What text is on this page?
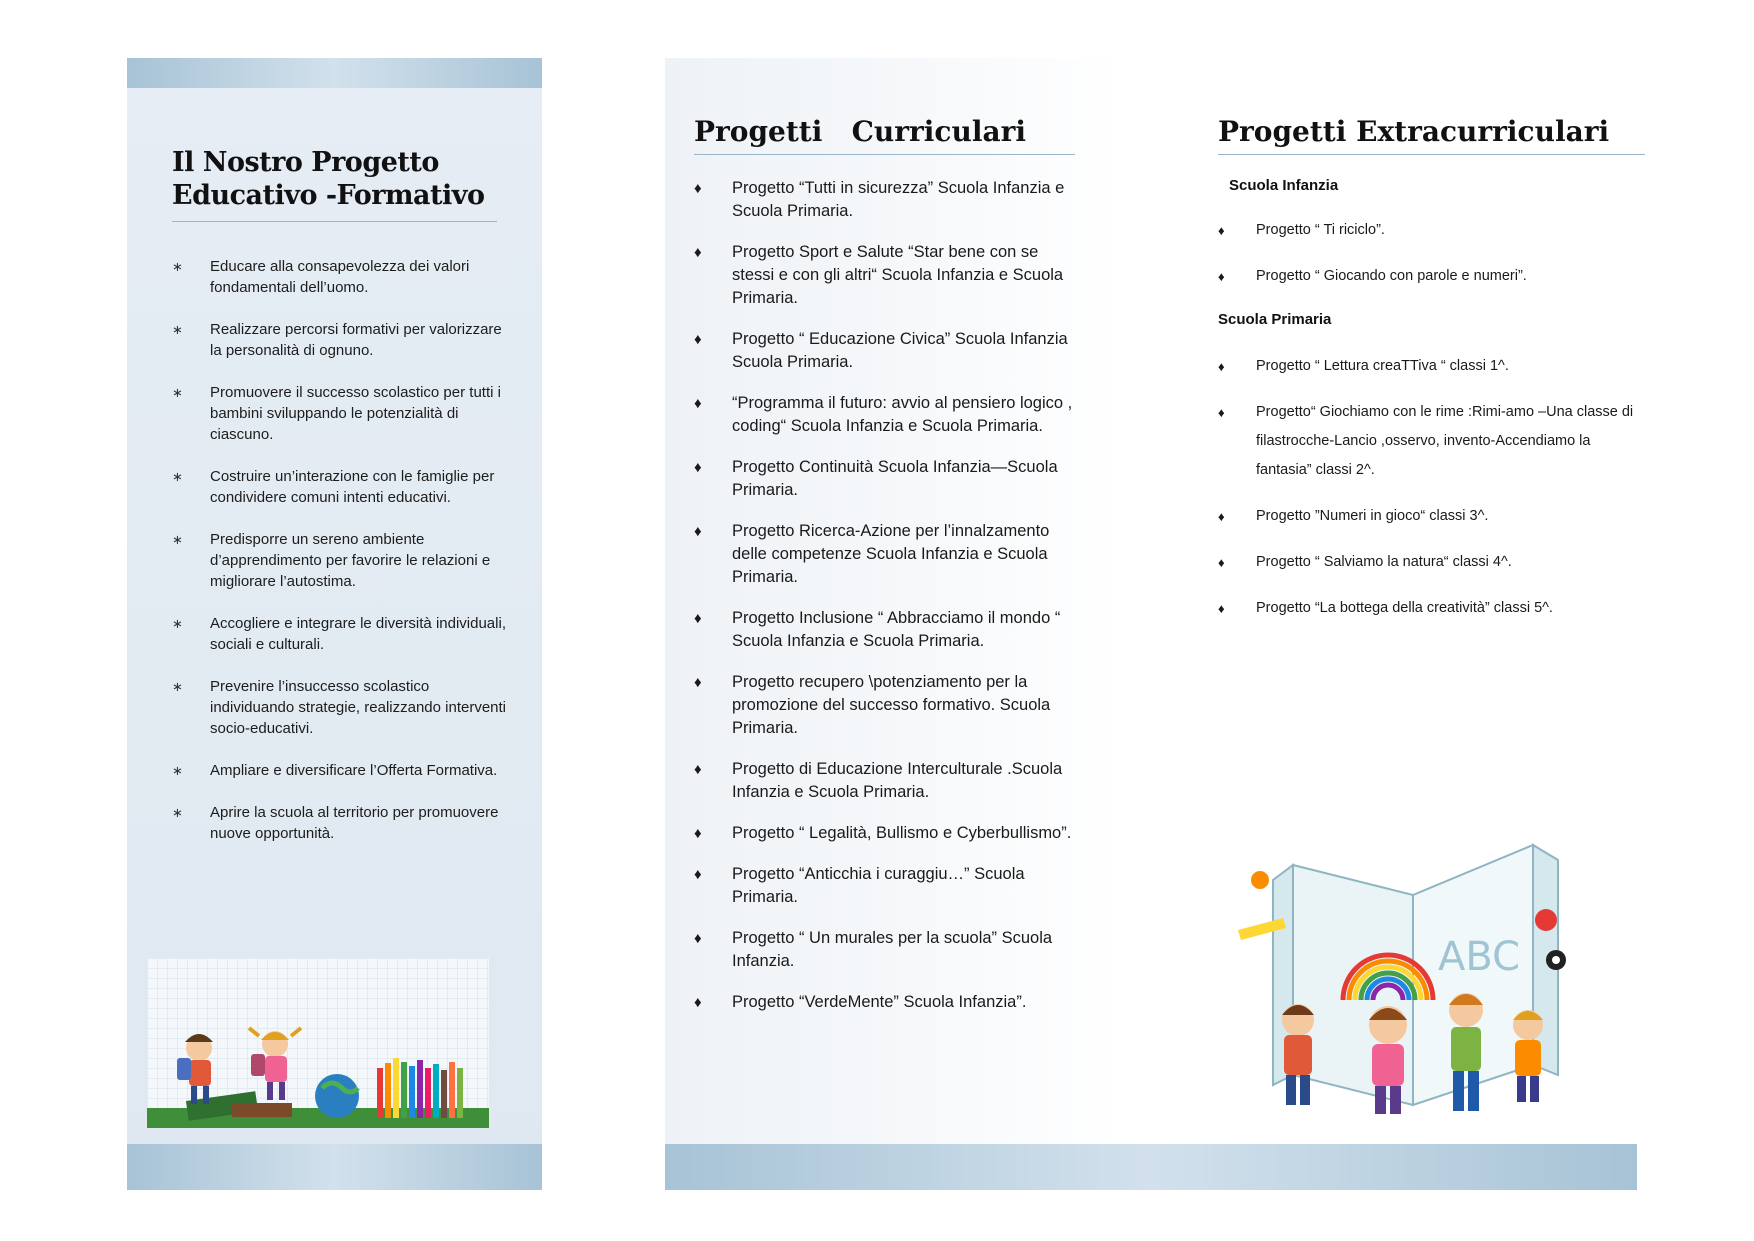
Il Nostro Progetto Educativo -Formativo
∗ Educare alla consapevolezza dei valori fondamentali dell’uomo.
∗ Realizzare percorsi formativi per valorizzare la personalità di ognuno.
∗ Promuovere il successo scolastico per tutti i bambini sviluppando le potenzialità di ciascuno.
∗ Costruire un’interazione con le famiglie per condividere comuni intenti educativi.
∗ Predisporre un sereno ambiente d’apprendimento per favorire le relazioni e migliorare l’autostima.
∗ Accogliere e integrare le diversità individuali, sociali e culturali.
∗ Prevenire l’insuccesso scolastico individuando strategie, realizzando interventi socio-educativi.
∗ Ampliare e diversificare l’Offerta Formativa.
∗ Aprire la scuola al territorio per promuovere nuove opportunità.
Progetti   Curriculari
♦ Progetto “Tutti in sicurezza” Scuola Infanzia e Scuola Primaria.
♦ Progetto Sport e Salute “Star bene con se stessi e con gli altri“ Scuola Infanzia e Scuola Primaria.
♦ Progetto “ Educazione Civica” Scuola Infanzia Scuola Primaria.
♦ “Programma il futuro: avvio al pensiero logico , coding“ Scuola Infanzia e Scuola Primaria.
♦ Progetto Continuità Scuola Infanzia—Scuola Primaria.
♦ Progetto Ricerca-Azione per l’innalzamento delle competenze Scuola Infanzia e Scuola Primaria.
♦ Progetto Inclusione “ Abbracciamo il mondo “ Scuola Infanzia e Scuola Primaria.
♦ Progetto recupero \potenziamento per la promozione del successo formativo. Scuola Primaria.
♦ Progetto di Educazione Interculturale .Scuola Infanzia e Scuola Primaria.
♦ Progetto “ Legalità, Bullismo e Cyberbullismo”.
♦ Progetto “Anticchia i curaggiu…” Scuola Primaria.
♦ Progetto “ Un murales per la scuola” Scuola Infanzia.
♦ Progetto “VerdeMente” Scuola Infanzia”.
Progetti Extracurriculari
Scuola Infanzia
♦ Progetto “ Ti riciclo”.
♦ Progetto “ Giocando con parole e numeri”.
Scuola Primaria
♦ Progetto “ Lettura creaTTiva “ classi 1^.
♦ Progetto“ Giochiamo con le rime :Rimi-amo –Una classe di filastrocche-Lancio ,osservo, invento-Accendiamo la fantasia” classi 2^.
♦ Progetto ”Numeri in gioco“ classi 3^.
♦ Progetto “ Salviamo la natura“ classi 4^.
♦ Progetto “La bottega della creatività” classi 5^.
ABC
